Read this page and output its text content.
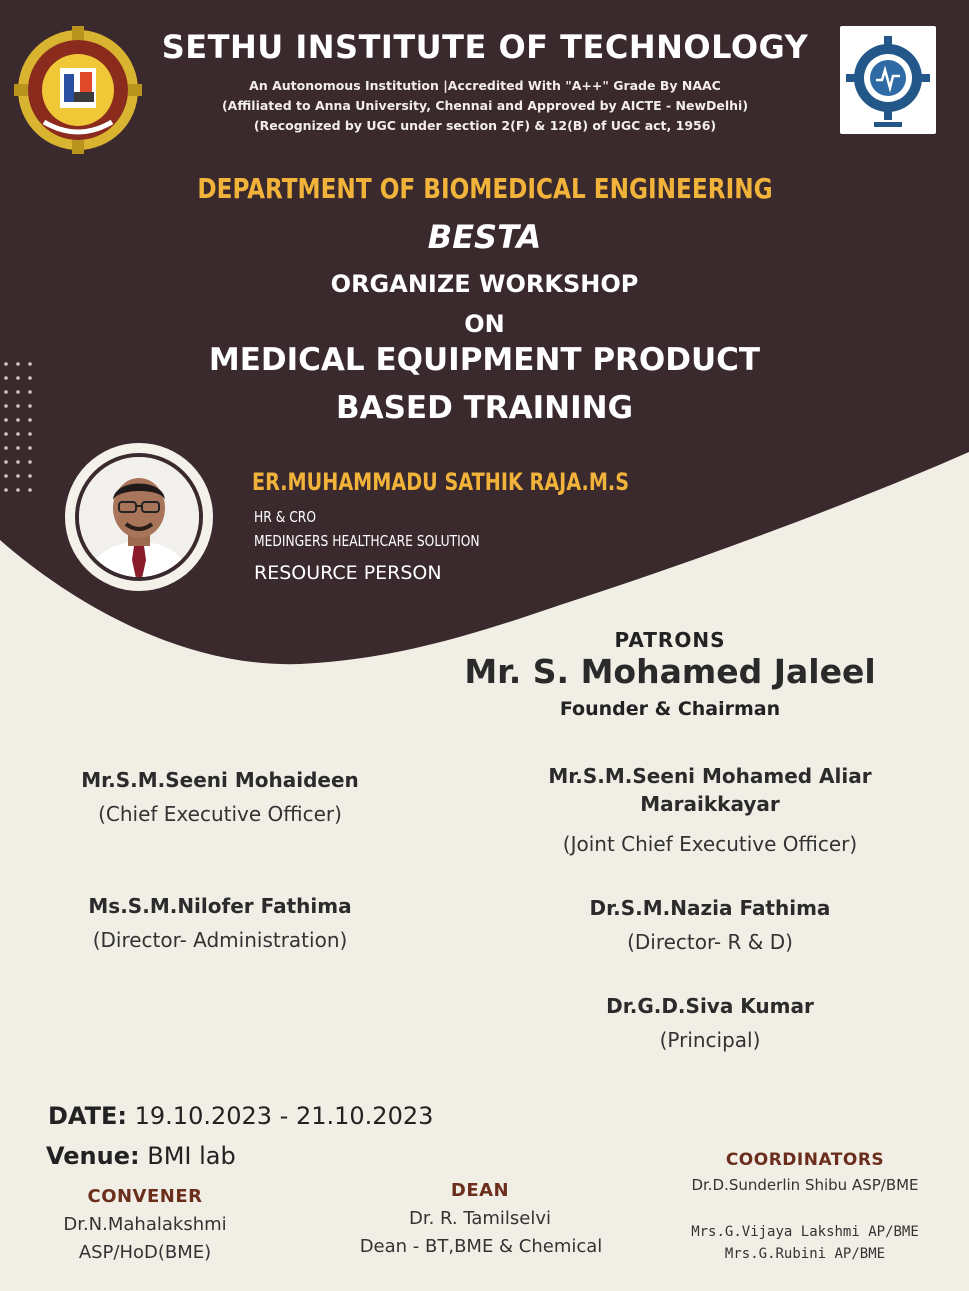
SETHU INSTITUTE OF TECHNOLOGY
An Autonomous Institution |Accredited With "A++" Grade By NAAC
(Affiliated to Anna University, Chennai and Approved by AICTE - NewDelhi)
(Recognized by UGC under section 2(F) & 12(B) of UGC act, 1956)
DEPARTMENT OF BIOMEDICAL ENGINEERING
BESTA
ORGANIZE WORKSHOP
ON
MEDICAL EQUIPMENT PRODUCT
BASED TRAINING
ER.MUHAMMADU SATHIK RAJA.M.S
HR & CRO
MEDINGERS HEALTHCARE SOLUTION
RESOURCE PERSON
PATRONS
Mr. S. Mohamed Jaleel
Founder & Chairman
Mr.S.M.Seeni Mohaideen
(Chief Executive Officer)
Ms.S.M.Nilofer Fathima
(Director- Administration)
Mr.S.M.Seeni Mohamed Aliar
Maraikkayar
(Joint Chief Executive Officer)
Dr.S.M.Nazia Fathima
(Director- R & D)
Dr.G.D.Siva Kumar
(Principal)
DATE: 19.10.2023 - 21.10.2023
Venue: BMI lab
CONVENER
Dr.N.Mahalakshmi
ASP/HoD(BME)
DEAN
Dr. R. Tamilselvi
Dean - BT,BME & Chemical
COORDINATORS
Dr.D.Sunderlin Shibu ASP/BME
Mrs.G.Vijaya Lakshmi AP/BME
Mrs.G.Rubini AP/BME
